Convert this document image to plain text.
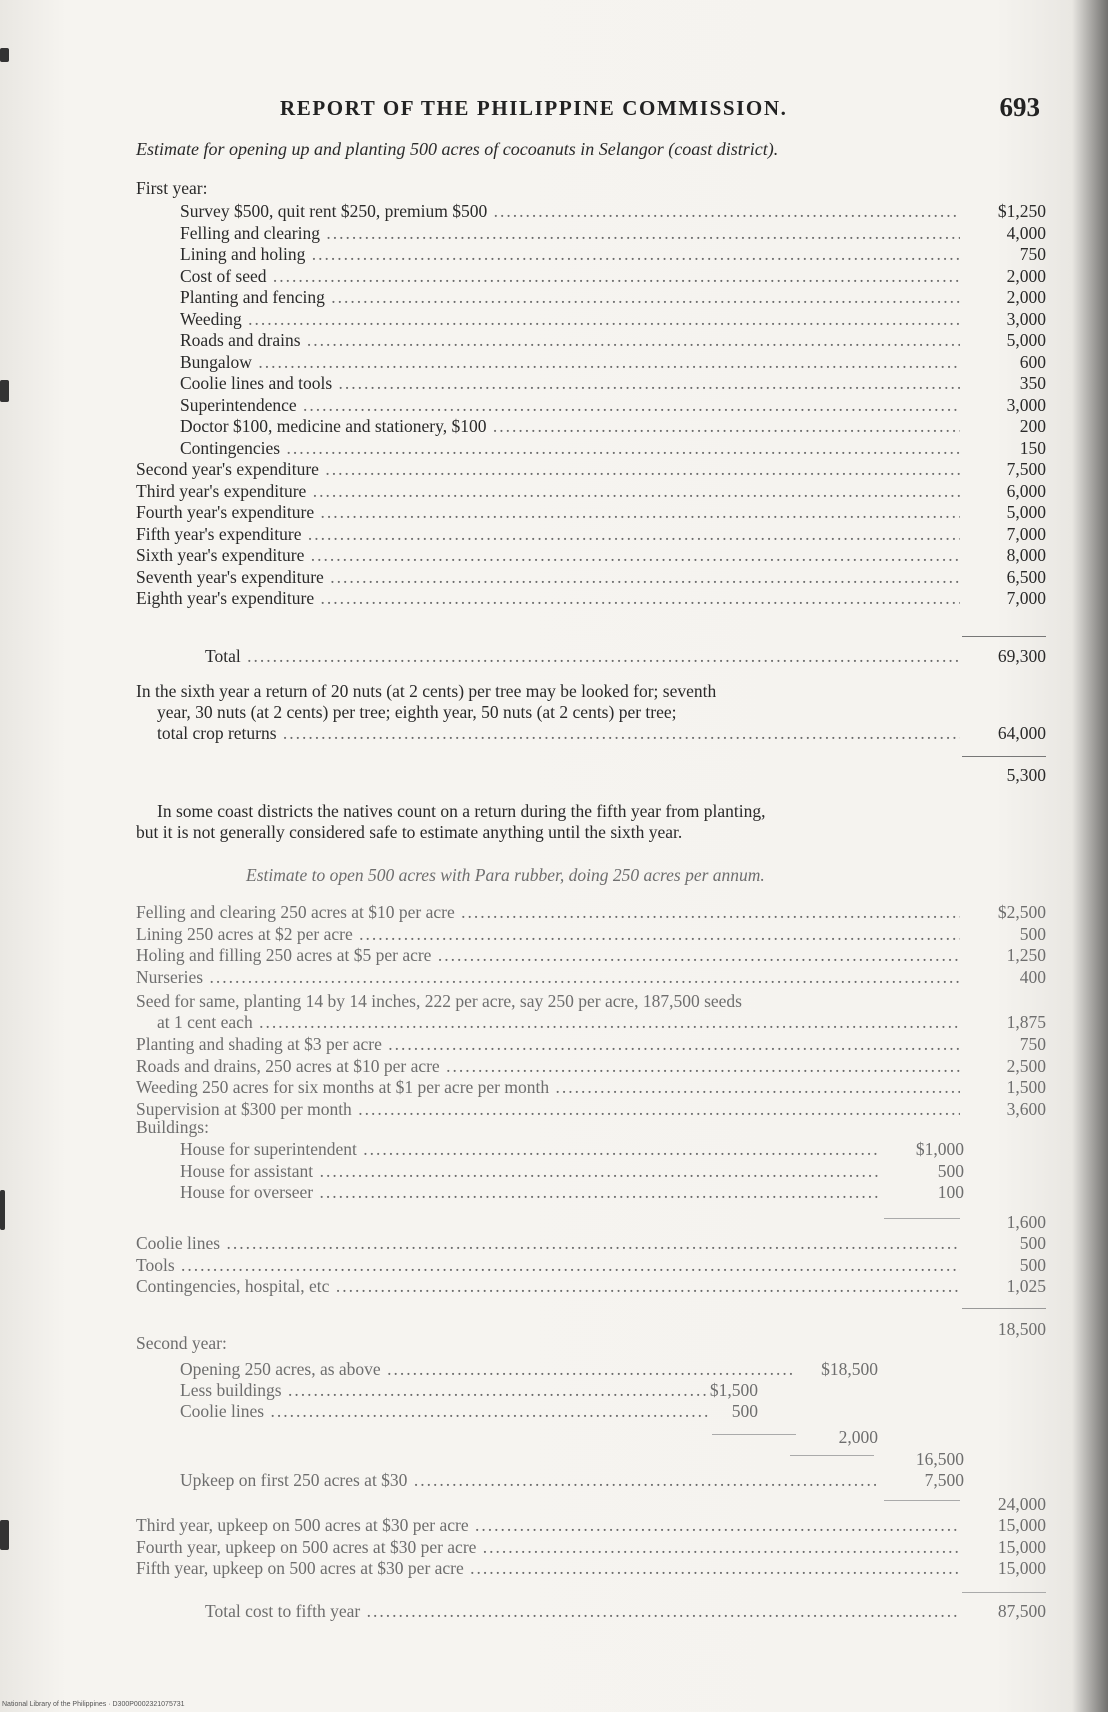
REPORT OF THE PHILIPPINE COMMISSION.	693
Estimate for opening up and planting 500 acres of cocoanuts in Selangor (coast district).
First year:
Survey $500, quit rent $250, premium $500 .....	$1,250
Felling and clearing .....	4,000
Lining and holing .....	750
Cost of seed .....	2,000
Planting and fencing .....	2,000
Weeding .....	3,000
Roads and drains .....	5,000
Bungalow .....	600
Coolie lines and tools .....	350
Superintendence .....	3,000
Doctor $100, medicine and stationery, $100 .....	200
Contingencies .....	150
Second year's expenditure .....	7,500
Third year's expenditure .....	6,000
Fourth year's expenditure .....	5,000
Fifth year's expenditure .....	7,000
Sixth year's expenditure .....	8,000
Seventh year's expenditure .....	6,500
Eighth year's expenditure .....	7,000
Total .....	69,300
In the sixth year a return of 20 nuts (at 2 cents) per tree may be looked for; seventh
year, 30 nuts (at 2 cents) per tree; eighth year, 50 nuts (at 2 cents) per tree;
total crop returns .....	64,000
5,300
In some coast districts the natives count on a return during the fifth year from planting,
but it is not generally considered safe to estimate anything until the sixth year.
Estimate to open 500 acres with Para rubber, doing 250 acres per annum.
Felling and clearing 250 acres at $10 per acre .....	$2,500
Lining 250 acres at $2 per acre .....	500
Holing and filling 250 acres at $5 per acre .....	1,250
Nurseries .....	400
Seed for same, planting 14 by 14 inches, 222 per acre, say 250 per acre, 187,500 seeds
at 1 cent each .....	1,875
Planting and shading at $3 per acre .....	750
Roads and drains, 250 acres at $10 per acre .....	2,500
Weeding 250 acres for six months at $1 per acre per month .....	1,500
Supervision at $300 per month .....	3,600
Buildings:
House for superintendent .....	$1,000
House for assistant .....	500
House for overseer .....	100
1,600
Coolie lines .....	500
Tools .....	500
Contingencies, hospital, etc .....	1,025
18,500
Second year:
Opening 250 acres, as above .....	$18,500
Less buildings .....	$1,500
Coolie lines .....	500
2,000
16,500
Upkeep on first 250 acres at $30 .....	7,500
24,000
Third year, upkeep on 500 acres at $30 per acre .....	15,000
Fourth year, upkeep on 500 acres at $30 per acre .....	15,000
Fifth year, upkeep on 500 acres at $30 per acre .....	15,000
Total cost to fifth year .....	87,500
National Library of the Philippines · D300P0002321075731
